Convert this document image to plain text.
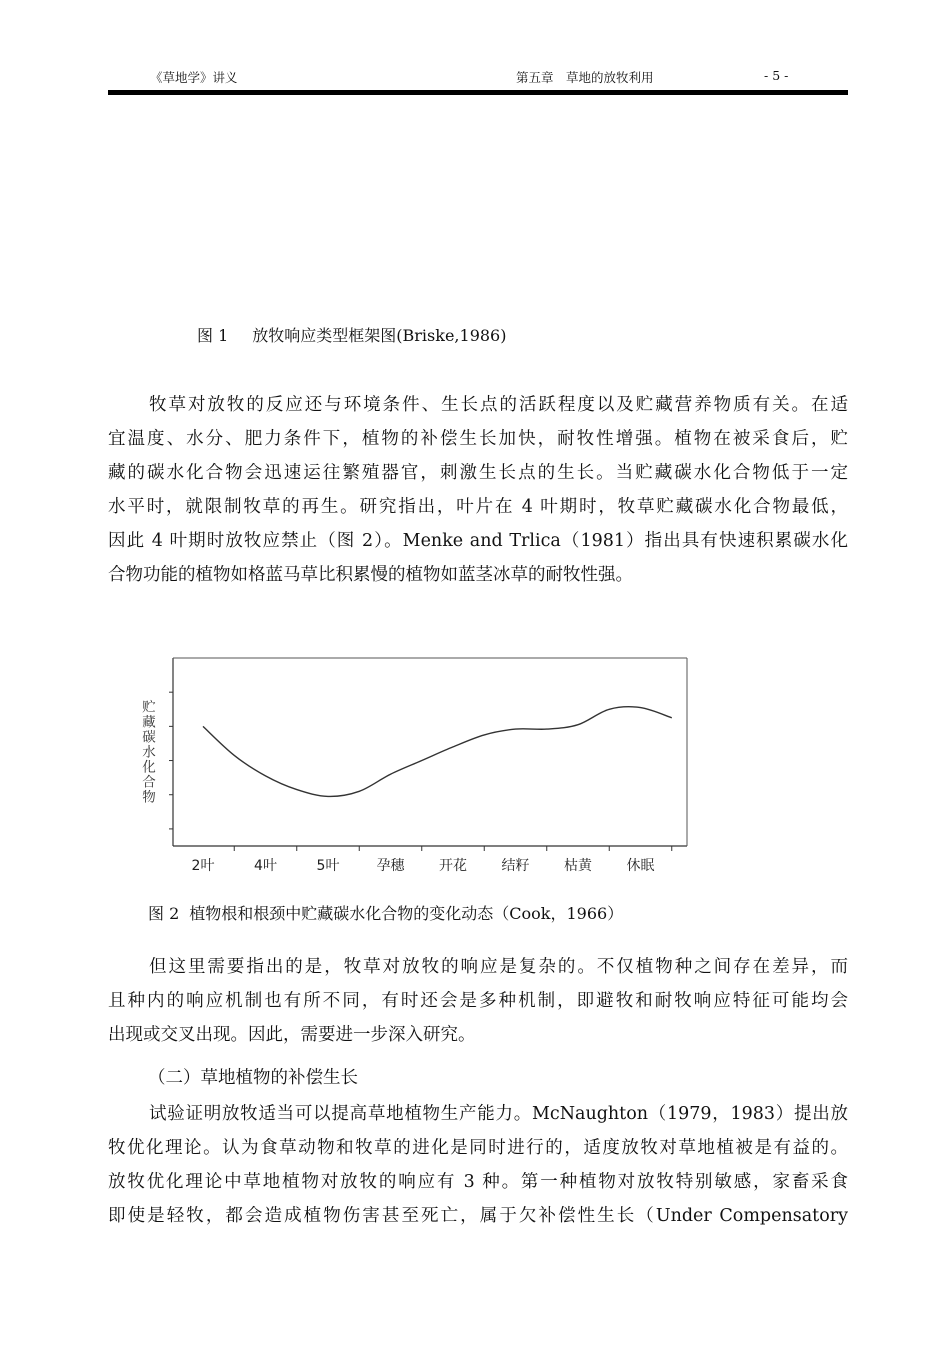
《草地学》讲义	第五章　草地的放牧利用	- 5 -
图 1 放牧响应类型框架图(Briske,1986)
牧草对放牧的反应还与环境条件、生长点的活跃程度以及贮藏营养物质有关。在适
宜温度、水分、肥力条件下，植物的补偿生长加快，耐牧性增强。植物在被采食后，贮
藏的碳水化合物会迅速运往繁殖器官，刺激生长点的生长。当贮藏碳水化合物低于一定
水平时，就限制牧草的再生。研究指出，叶片在 4 叶期时，牧草贮藏碳水化合物最低，
因此 4 叶期时放牧应禁止（图 2）。Menke and Trlica（1981）指出具有快速积累碳水化
合物功能的植物如格蓝马草比积累慢的植物如蓝茎冰草的耐牧性强。
2叶	4叶	5叶	孕穗 开花 结籽 枯黄 休眠
贮
藏
碳
水
化
合
物
图 2 植物根和根颈中贮藏碳水化合物的变化动态（Cook，1966）
但这里需要指出的是，牧草对放牧的响应是复杂的。不仅植物种之间存在差异，而
且种内的响应机制也有所不同，有时还会是多种机制，即避牧和耐牧响应特征可能均会
出现或交叉出现。因此，需要进一步深入研究。
（二）草地植物的补偿生长
试验证明放牧适当可以提高草地植物生产能力。McNaughton（1979，1983）提出放
牧优化理论。认为食草动物和牧草的进化是同时进行的，适度放牧对草地植被是有益的。
放牧优化理论中草地植物对放牧的响应有 3 种。第一种植物对放牧特别敏感，家畜采食
即使是轻牧，都会造成植物伤害甚至死亡，属于欠补偿性生长（Under Compensatory
